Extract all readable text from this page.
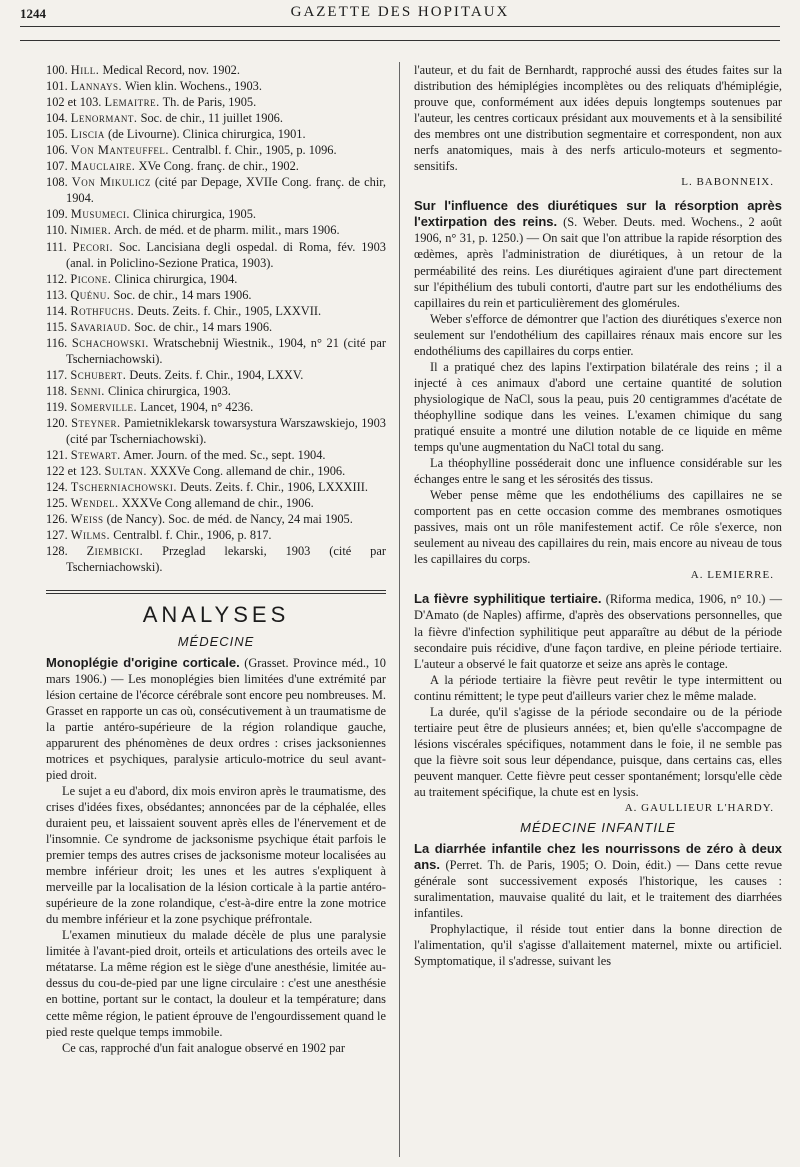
1244	GAZETTE DES HOPITAUX

100. Hill. Medical Record, nov. 1902.

101. Lannays. Wien klin. Wochens., 1903.

102 et 103. Lemaitre. Th. de Paris, 1905.

104. Lenormant. Soc. de chir., 11 juillet 1906.

105. Liscia (de Livourne). Clinica chirurgica, 1901.

106. Von Manteuffel. Centralbl. f. Chir., 1905, p. 1096.

107. Mauclaire. XVe Cong. franç. de chir., 1902.

108. Von Mikulicz (cité par Depage, XVIIe Cong. franç. de chir, 1904.

109. Musumeci. Clinica chirurgica, 1905.

110. Nimier. Arch. de méd. et de pharm. milit., mars 1906.

111. Pecori. Soc. Lancisiana degli ospedal. di Roma, fév. 1903 (anal. in Policlino-Sezione Pratica, 1903).

112. Picone. Clinica chirurgica, 1904.

113. Quénu. Soc. de chir., 14 mars 1906.

114. Rothfuchs. Deuts. Zeits. f. Chir., 1905, LXXVII.

115. Savariaud. Soc. de chir., 14 mars 1906.

116. Schachowski. Wratschebnij Wiestnik., 1904, n° 21 (cité par Tscherniachowski).

117. Schubert. Deuts. Zeits. f. Chir., 1904, LXXV.

118. Senni. Clinica chirurgica, 1903.

119. Somerville. Lancet, 1904, n° 4236.

120. Steyner. Pamietniklekarsk towarsystura Warszawskiejo, 1903 (cité par Tscherniachowski).

121. Stewart. Amer. Journ. of the med. Sc., sept. 1904.

122 et 123. Sultan. XXXVe Cong. allemand de chir., 1906.

124. Tscherniachowski. Deuts. Zeits. f. Chir., 1906, LXXXIII.

125. Wendel. XXXVe Cong allemand de chir., 1906.

126. Weiss (de Nancy). Soc. de méd. de Nancy, 24 mai 1905.

127. Wilms. Centralbl. f. Chir., 1906, p. 817.

128. Ziembicki. Przeglad lekarski, 1903 (cité par Tscherniachowski).

ANALYSES
MÉDECINE

Monoplégie d'origine corticale. (Grasset. Province méd., 10 mars 1906.) — Les monoplégies bien limitées d'une extrémité par lésion certaine de l'écorce cérébrale sont encore peu nombreuses. M. Grasset en rapporte un cas où, consécutivement à un traumatisme de la partie antéro-supérieure de la région rolandique gauche, apparurent des phénomènes de deux ordres : crises jacksoniennes motrices et psychiques, paralysie articulo-motrice du seul avant-pied droit.

Le sujet a eu d'abord, dix mois environ après le traumatisme, des crises d'idées fixes, obsédantes; annoncées par de la céphalée, elles duraient peu, et laissaient souvent après elles de l'énervement et de l'insomnie. Ce syndrome de jacksonisme psychique était parfois le premier temps des autres crises de jacksonisme moteur localisées au membre inférieur droit; les unes et les autres s'expliquent à merveille par la localisation de la lésion corticale à la partie antéro-supérieure de la zone rolandique, c'est-à-dire entre la zone motrice du membre inférieur et la zone psychique préfrontale.

L'examen minutieux du malade décèle de plus une paralysie limitée à l'avant-pied droit, orteils et articulations des orteils avec le métatarse. La même région est le siège d'une anesthésie, limitée au-dessus du cou-de-pied par une ligne circulaire : c'est une anesthésie en bottine, portant sur le contact, la douleur et la température; dans cette même région, le patient éprouve de l'engourdissement quand le pied reste quelque temps immobile.

Ce cas, rapproché d'un fait analogue observé en 1902 par

l'auteur, et du fait de Bernhardt, rapproché aussi des études faites sur la distribution des hémiplégies incomplètes ou des reliquats d'hémiplégie, prouve que, conformément aux idées depuis longtemps soutenues par l'auteur, les centres corticaux présidant aux mouvements et à la sensibilité des membres ont une distribution segmentaire et correspondent, non aux nerfs anatomiques, mais à des nerfs articulo-moteurs et segmento-sensitifs.

L. BABONNEIX.

Sur l'influence des diurétiques sur la résorption après l'extirpation des reins. (S. Weber. Deuts. med. Wochens., 2 août 1906, n° 31, p. 1250.) — On sait que l'on attribue la rapide résorption des œdèmes, après l'administration de diurétiques, à un retour de la perméabilité des reins. Les diurétiques agiraient d'une part directement sur l'épithélium des tubuli contorti, d'autre part sur les endothéliums des capillaires du rein et particulièrement des glomérules.

Weber s'efforce de démontrer que l'action des diurétiques s'exerce non seulement sur l'endothélium des capillaires rénaux mais encore sur les endothéliums des capillaires du corps entier.

Il a pratiqué chez des lapins l'extirpation bilatérale des reins ; il a injecté à ces animaux d'abord une certaine quantité de solution physiologique de NaCl, sous la peau, puis 20 centigrammes d'acétate de théophylline sodique dans les veines. L'examen chimique du sang pratiqué ensuite a montré une dilution notable de ce liquide en même temps qu'une augmentation du NaCl total du sang.

La théophylline posséderait donc une influence considérable sur les échanges entre le sang et les sérosités des tissus.

Weber pense même que les endothéliums des capillaires ne se comportent pas en cette occasion comme des membranes osmotiques passives, mais ont un rôle manifestement actif. Ce rôle s'exerce, non seulement au niveau des capillaires du rein, mais encore au niveau de tous les capillaires du corps.

A. LEMIERRE.

La fièvre syphilitique tertiaire. (Riforma medica, 1906, n° 10.) — D'Amato (de Naples) affirme, d'après des observations personnelles, que la fièvre d'infection syphilitique peut apparaître au début de la période secondaire puis récidive, d'une façon tardive, en pleine période tertiaire. L'auteur a observé le fait quatorze et seize ans après le contage.

A la période tertiaire la fièvre peut revêtir le type intermittent ou continu rémittent; le type peut d'ailleurs varier chez le même malade.

La durée, qu'il s'agisse de la période secondaire ou de la période tertiaire peut être de plusieurs années; et, bien qu'elle s'accompagne de lésions viscérales spécifiques, notamment dans le foie, il ne semble pas que la fièvre soit sous leur dépendance, puisque, dans certains cas, elles peuvent manquer. Cette fièvre peut cesser spontanément; lorsqu'elle cède au traitement spécifique, la chute est en lysis.

A. GAULLIEUR L'HARDY.
MÉDECINE INFANTILE

La diarrhée infantile chez les nourrissons de zéro à deux ans. (Perret. Th. de Paris, 1905; O. Doin, édit.) — Dans cette revue générale sont successivement exposés l'historique, les causes : suralimentation, mauvaise qualité du lait, et le traitement des diarrhées infantiles.

Prophylactique, il réside tout entier dans la bonne direction de l'alimentation, qu'il s'agisse d'allaitement maternel, mixte ou artificiel. Symptomatique, il s'adresse, suivant les
